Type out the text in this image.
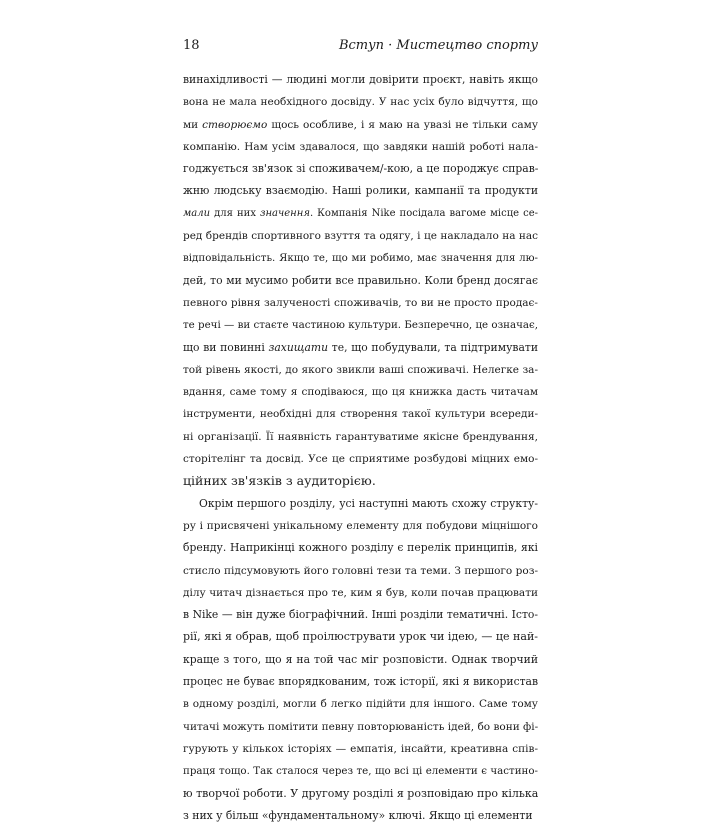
18	Вступ · Мистецтво спорту
винахідливості — людині могли довірити проєкт, навіть якщо
вона не мала необхідного досвіду. У нас усіх було відчуття, що
ми створюємо щось особливе, і я маю на увазі не тільки саму
компанію. Нам усім здавалося, що завдяки нашій роботі нала-
годжується зв'язок зі споживачем/-кою, а це породжує справ-
жню людську взаємодію. Наші ролики, кампанії та продукти
мали для них значення. Компанія Nike посідала вагоме місце се-
ред брендів спортивного взуття та одягу, і це накладало на нас
відповідальність. Якщо те, що ми робимо, має значення для лю-
дей, то ми мусимо робити все правильно. Коли бренд досягає
певного рівня залученості споживачів, то ви не просто продає-
те речі — ви стаєте частиною культури. Безперечно, це означає,
що ви повинні захищати те, що побудували, та підтримувати
той рівень якості, до якого звикли ваші споживачі. Нелегке за-
вдання, саме тому я сподіваюся, що ця книжка дасть читачам
інструменти, необхідні для створення такої культури всереди-
ні організації. Її наявність гарантуватиме якісне брендування,
сторітелінг та досвід. Усе це сприятиме розбудові міцних емо-
ційних зв'язків з аудиторією.
Окрім першого розділу, усі наступні мають схожу структу-
ру і присвячені унікальному елементу для побудови міцнішого
бренду. Наприкінці кожного розділу є перелік принципів, які
стисло підсумовують його головні тези та теми. З першого роз-
ділу читач дізнається про те, ким я був, коли почав працювати
в Nike — він дуже біографічний. Інші розділи тематичні. Істо-
рії, які я обрав, щоб проілюструвати урок чи ідею, — це най-
краще з того, що я на той час міг розповісти. Однак творчий
процес не буває впорядкованим, тож історії, які я використав
в одному розділі, могли б легко підійти для іншого. Саме тому
читачі можуть помітити певну повторюваність ідей, бо вони фі-
гурують у кількох історіях — емпатія, інсайти, креативна спів-
праця тощо. Так сталося через те, що всі ці елементи є частино-
ю творчої роботи. У другому розділі я розповідаю про кілька
з них у більш «фундаментальному» ключі. Якщо ці елементи
